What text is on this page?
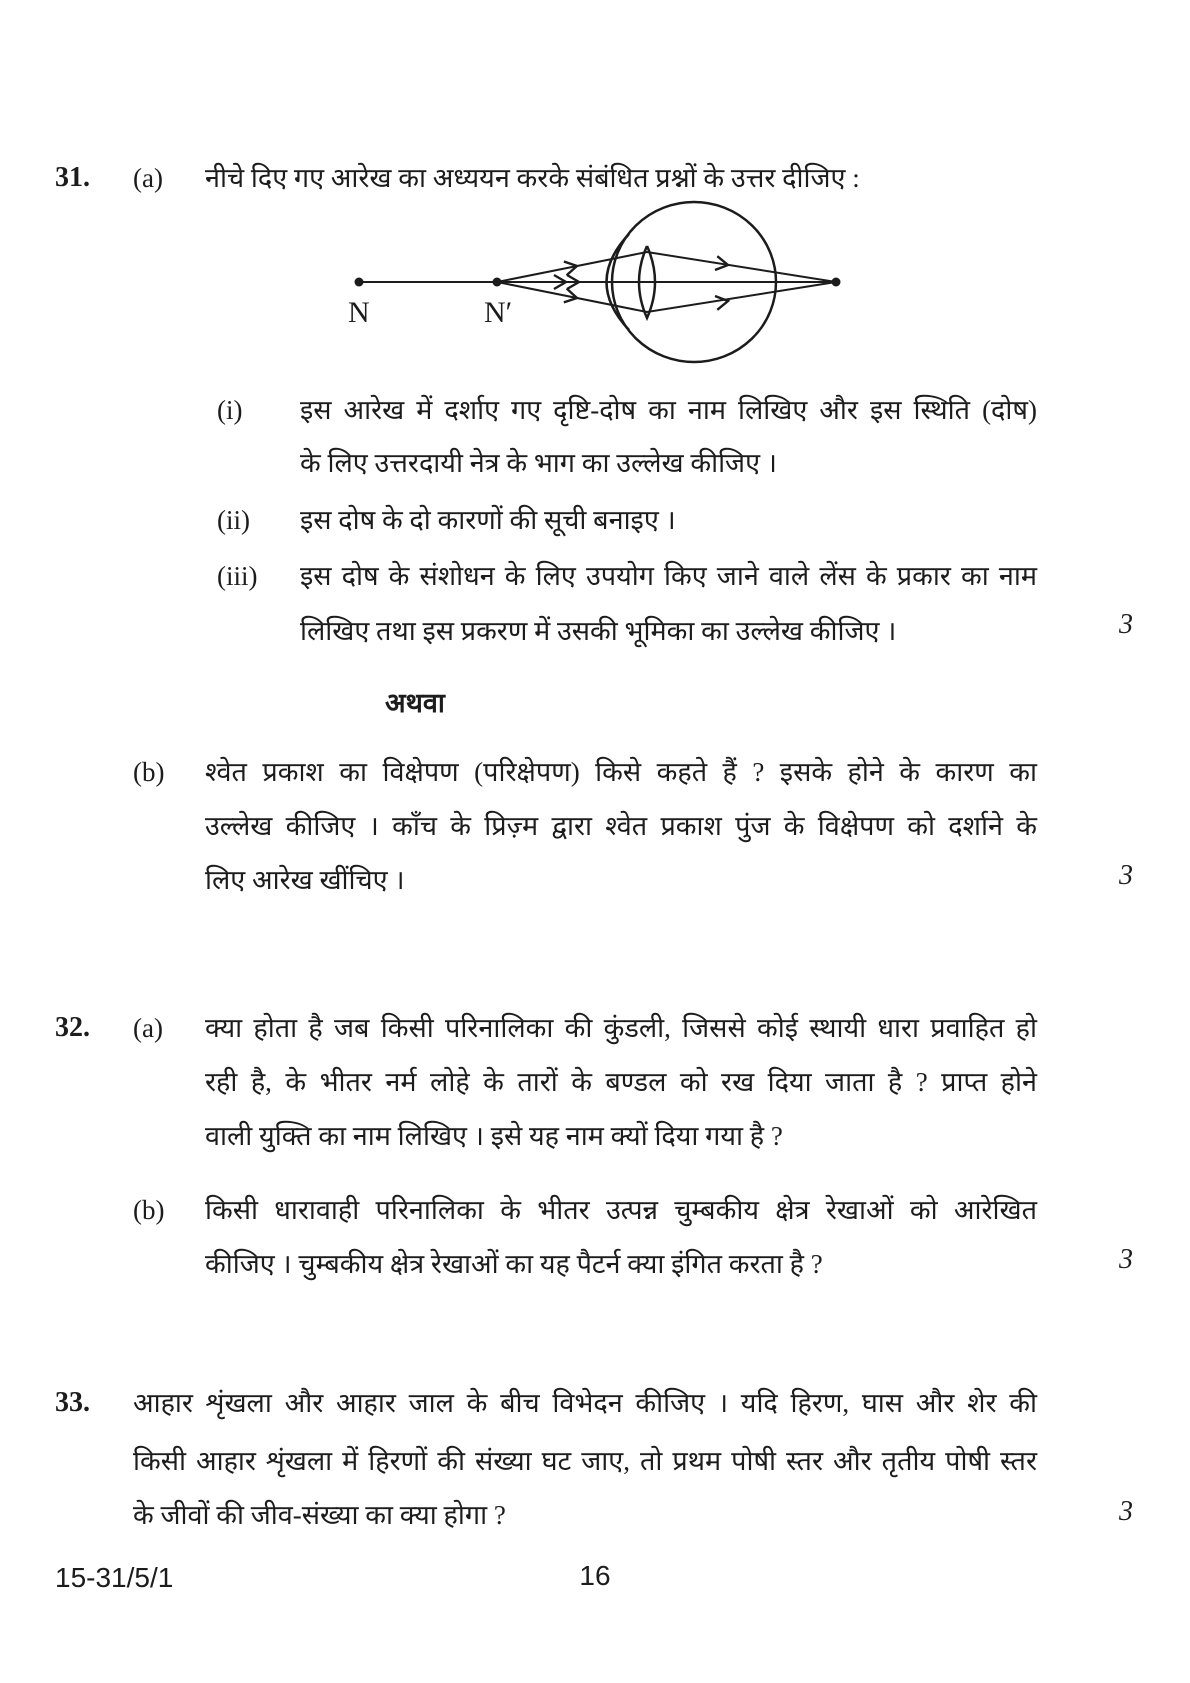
31. (a) नीचे दिए गए आरेख का अध्ययन करके संबंधित प्रश्नों के उत्तर दीजिए :
N	N′
(i) इस आरेख में दर्शाए गए दृष्टि-दोष का नाम लिखिए और इस स्थिति (दोष)
के लिए उत्तरदायी नेत्र के भाग का उल्लेख कीजिए ।
(ii) इस दोष के दो कारणों की सूची बनाइए ।
(iii) इस दोष के संशोधन के लिए उपयोग किए जाने वाले लेंस के प्रकार का नाम
लिखिए तथा इस प्रकरण में उसकी भूमिका का उल्लेख कीजिए ।	3
अथवा
(b) श्वेत प्रकाश का विक्षेपण (परिक्षेपण) किसे कहते हैं ? इसके होने के कारण का
उल्लेख कीजिए । काँच के प्रिज़्म द्वारा श्वेत प्रकाश पुंज के विक्षेपण को दर्शाने के
लिए आरेख खींचिए ।	3
32. (a) क्या होता है जब किसी परिनालिका की कुंडली, जिससे कोई स्थायी धारा प्रवाहित हो
रही है, के भीतर नर्म लोहे के तारों के बण्डल को रख दिया जाता है ? प्राप्त होने
वाली युक्ति का नाम लिखिए । इसे यह नाम क्यों दिया गया है ?
(b) किसी धारावाही परिनालिका के भीतर उत्पन्न चुम्बकीय क्षेत्र रेखाओं को आरेखित
कीजिए । चुम्बकीय क्षेत्र रेखाओं का यह पैटर्न क्या इंगित करता है ?	3
33. आहार शृंखला और आहार जाल के बीच विभेदन कीजिए । यदि हिरण, घास और शेर की
किसी आहार शृंखला में हिरणों की संख्या घट जाए, तो प्रथम पोषी स्तर और तृतीय पोषी स्तर
के जीवों की जीव-संख्या का क्या होगा ?	3
15-31/5/1	16
